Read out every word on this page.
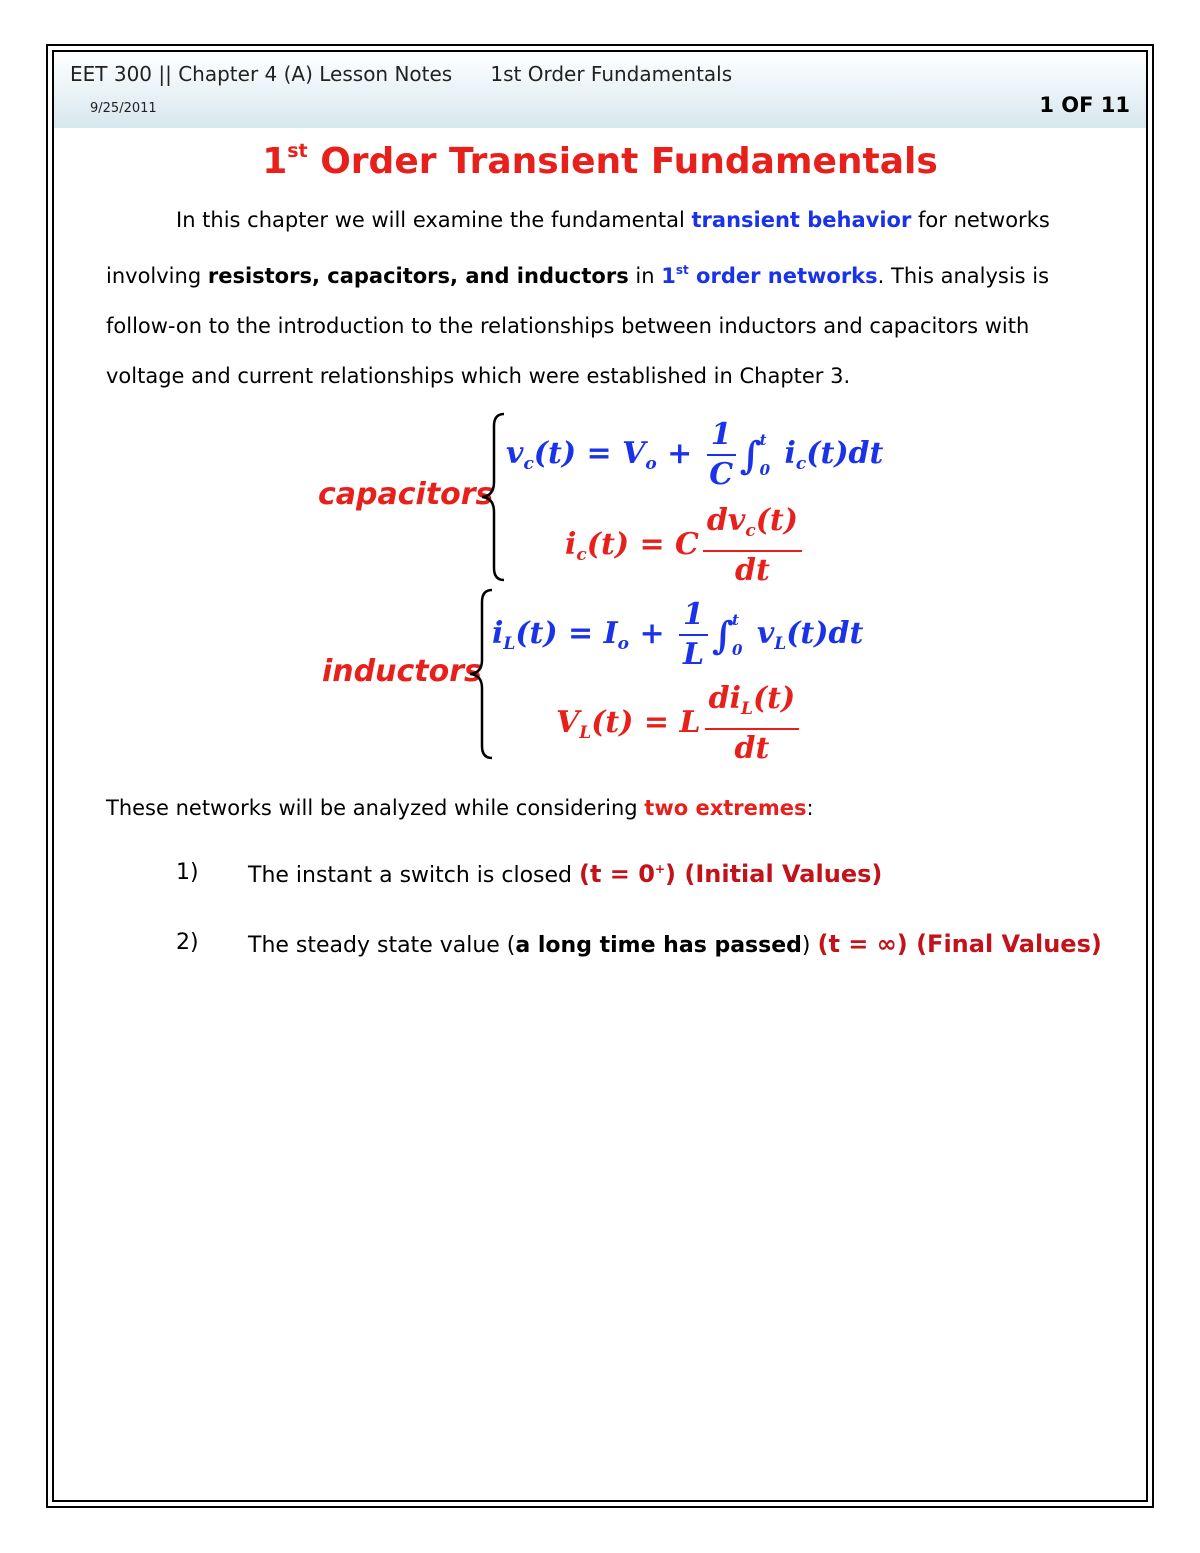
EET 300 || Chapter 4 (A) Lesson Notes      1st Order Fundamentals
9/25/2011	1 OF 11
1st Order Transient Fundamentals
In this chapter we will examine the fundamental transient behavior for networks involving resistors, capacitors, and inductors in 1st order networks. This analysis is follow-on to the introduction to the relationships between inductors and capacitors with voltage and current relationships which were established in Chapter 3.
capacitors
$v_c(t) = V_o + \frac{1}{C}$ ∫
t
0 $i_c(t)dt$
$i_c(t) = C \frac{dv_c(t)}{dt}$
inductors
$i_L(t) = I_o + \frac{1}{L}$ ∫
t
0 $v_L(t)dt$
$V_L(t) = L \frac{di_L(t)}{dt}$
These networks will be analyzed while considering two extremes:
1) The instant a switch is closed (t = 0+) (Initial Values)
2) The steady state value (a long time has passed) (t = ∞) (Final Values)
